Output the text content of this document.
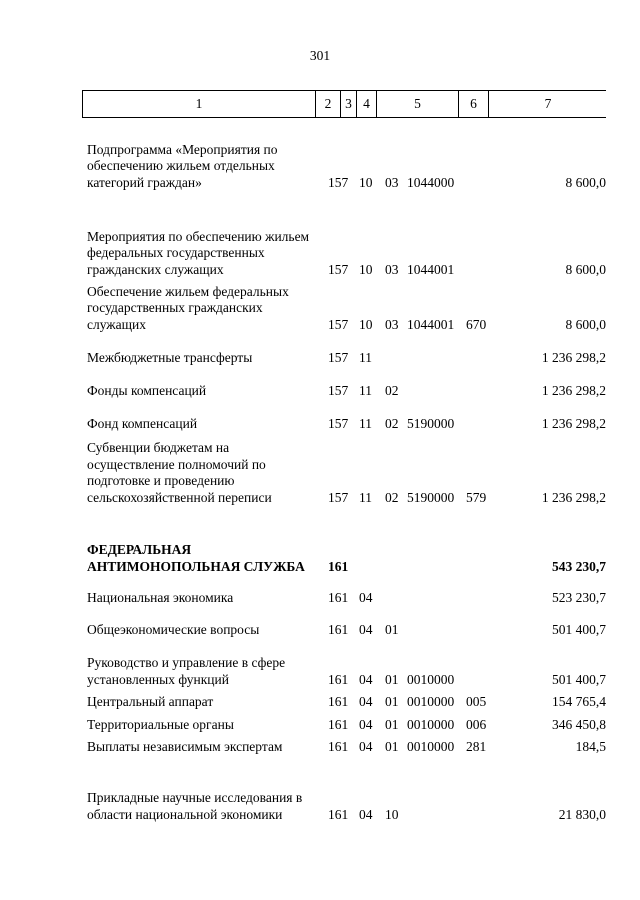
301
1	2	3 4	5	6	7
Подпрограмма «Мероприятия по обеспечению жильем отдельных категорий граждан»	157 10 03 1044000	8 600,0
Мероприятия по обеспечению жильем федеральных государственных гражданских служащих	157 10 03 1044001	8 600,0
Обеспечение жильем федеральных государственных гражданских служащих	157 10 03 1044001 670	8 600,0
Межбюджетные трансферты	157 11	1 236 298,2
Фонды компенсаций	157 11 02	1 236 298,2
Фонд компенсаций	157 11 02 5190000	1 236 298,2
Субвенции бюджетам на осуществление полномочий по подготовке и проведению сельскохозяйственной переписи	157 11 02 5190000 579	1 236 298,2
ФЕДЕРАЛЬНАЯ АНТИМОНОПОЛЬНАЯ СЛУЖБА	161	543 230,7
Национальная экономика	161 04	523 230,7
Общеэкономические вопросы	161 04 01	501 400,7
Руководство и управление в сфере установленных функций	161 04 01 0010000	501 400,7
Центральный аппарат	161 04 01 0010000 005	154 765,4
Территориальные органы	161 04 01 0010000 006	346 450,8
Выплаты независимым экспертам	161 04 01 0010000 281	184,5
Прикладные научные исследования в области национальной экономики	161 04 10	21 830,0
